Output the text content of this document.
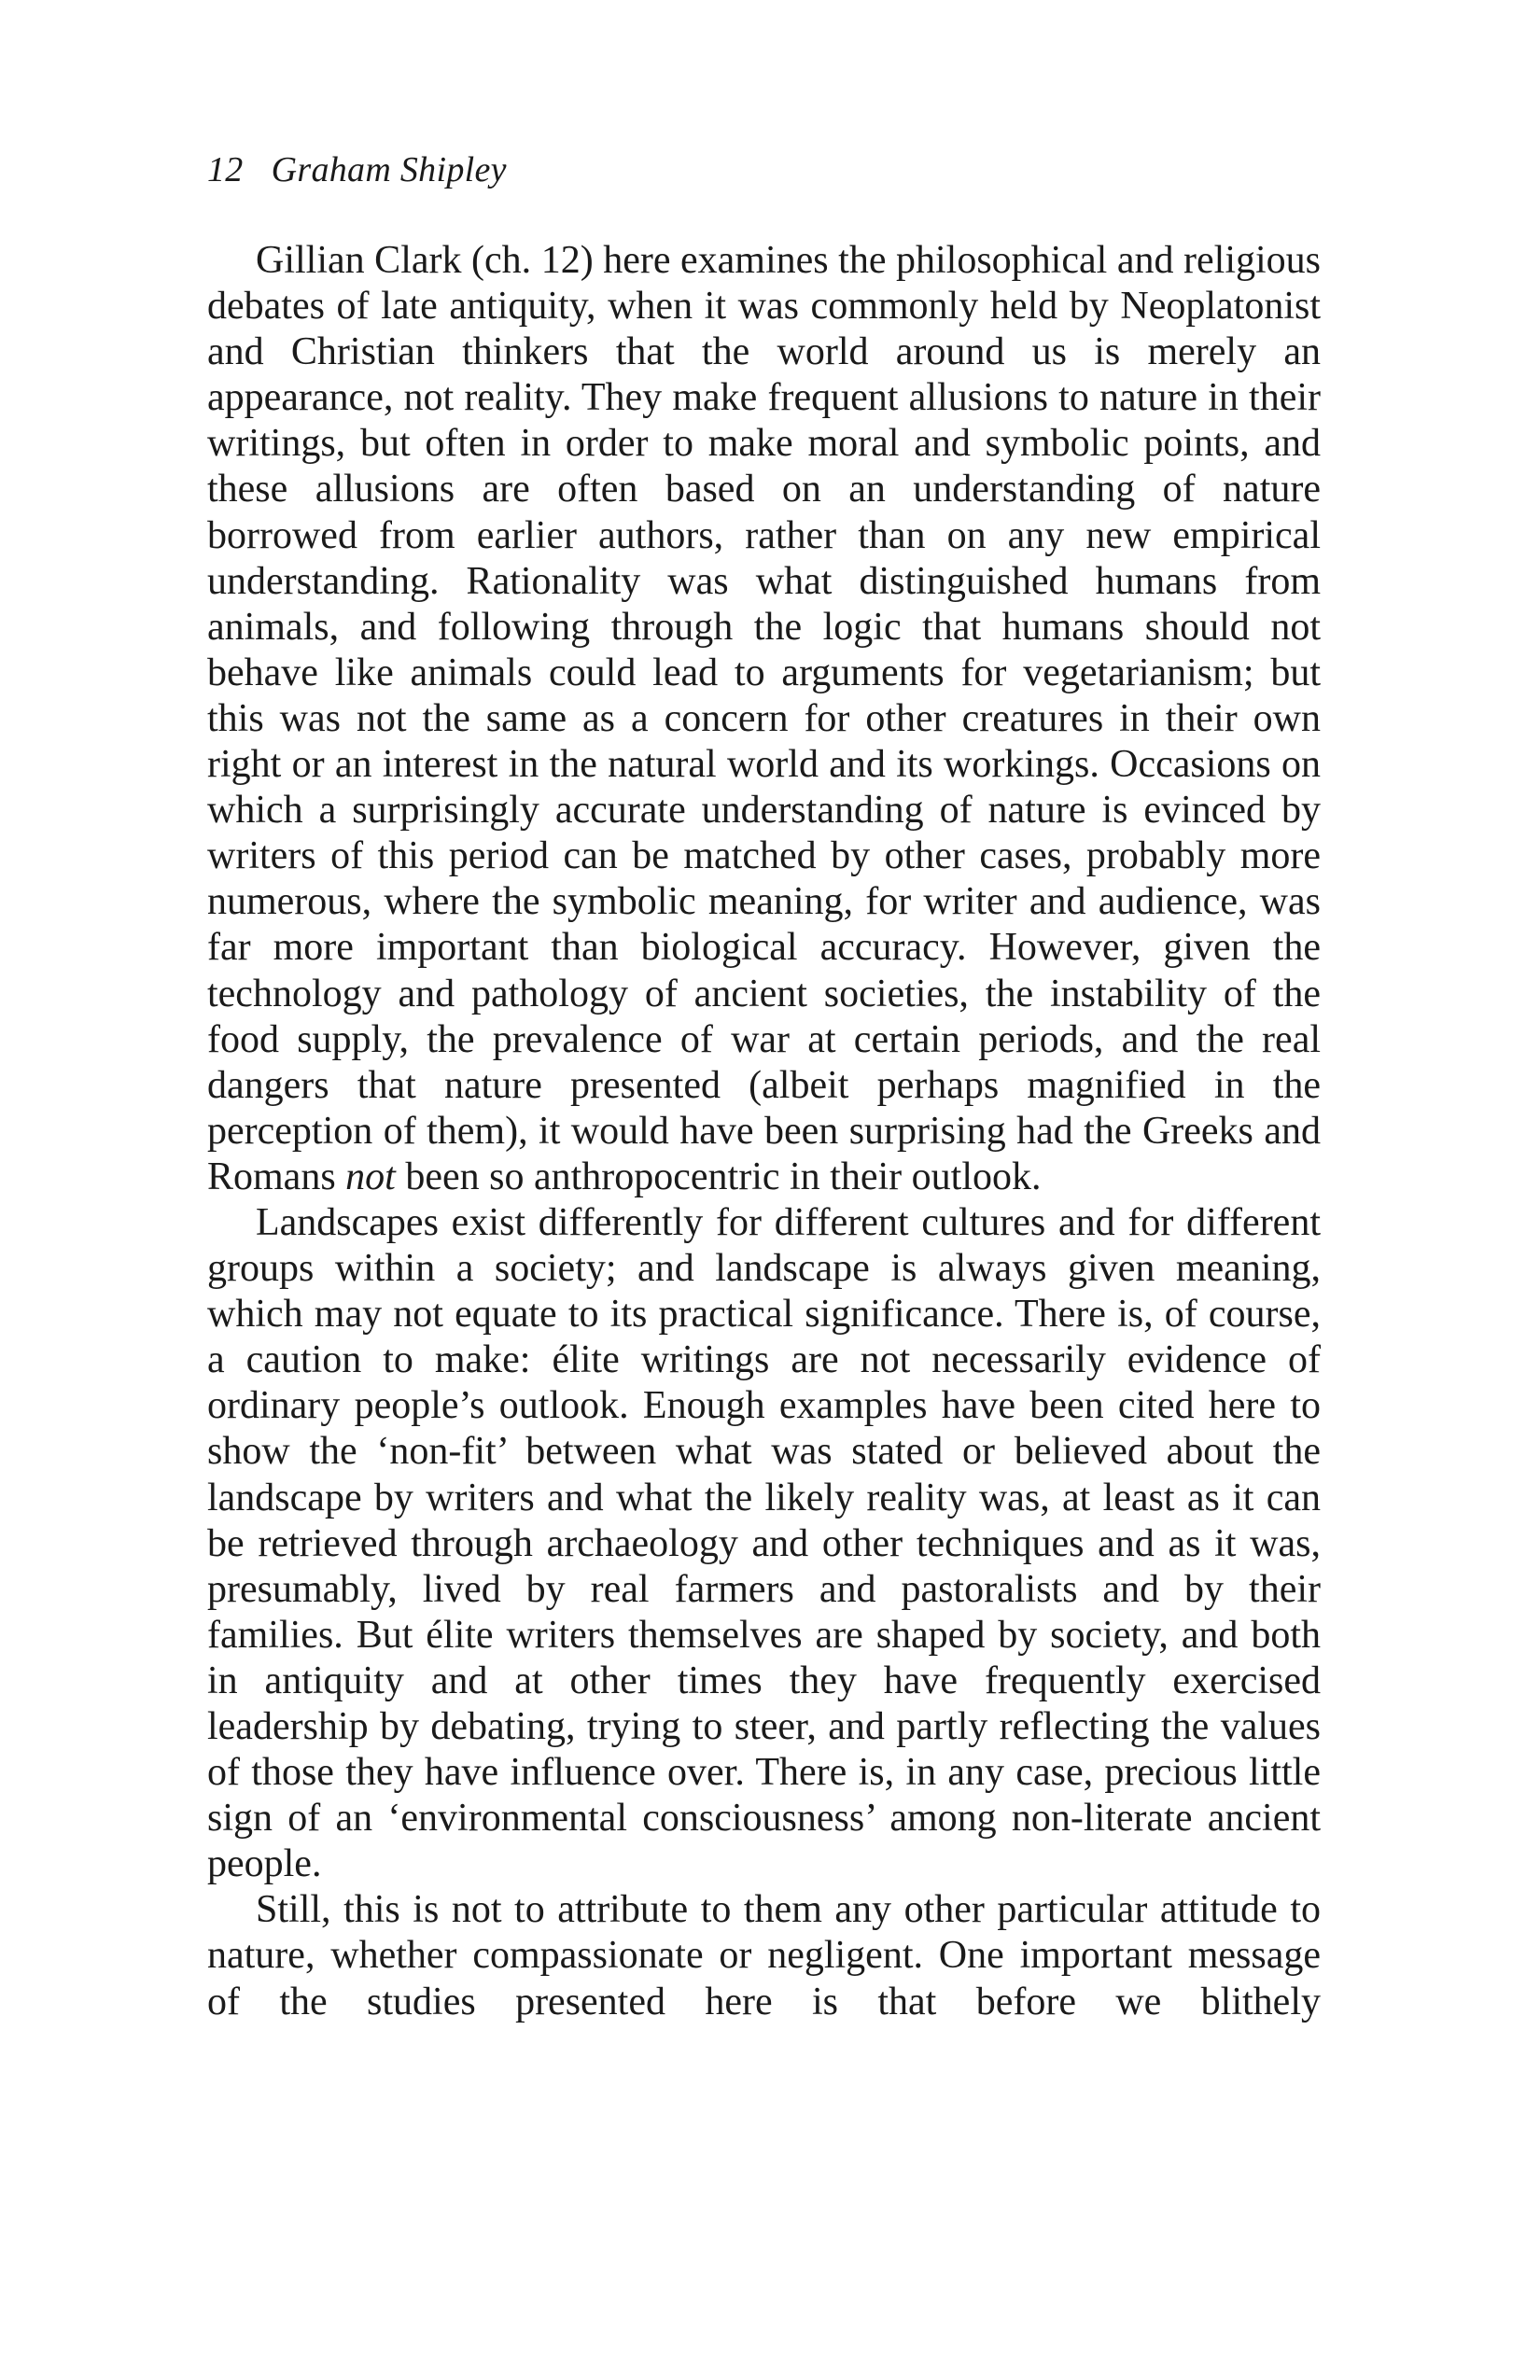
12 Graham Shipley

Gillian Clark (ch. 12) here examines the philosophical and religious debates of late antiquity, when it was commonly held by Neoplatonist and Christian thinkers that the world around us is merely an appearance, not reality. They make frequent allusions to nature in their writings, but often in order to make moral and symbolic points, and these allusions are often based on an understanding of nature borrowed from earlier authors, rather than on any new empirical understanding. Rationality was what distinguished humans from animals, and following through the logic that humans should not behave like animals could lead to arguments for vegetarianism; but this was not the same as a concern for other creatures in their own right or an interest in the natural world and its workings. Occasions on which a surprisingly accurate understanding of nature is evinced by writers of this period can be matched by other cases, probably more numerous, where the symbolic meaning, for writer and audience, was far more important than biological accuracy. However, given the technology and pathology of ancient societies, the instability of the food supply, the prevalence of war at certain periods, and the real dangers that nature presented (albeit perhaps magnified in the perception of them), it would have been surprising had the Greeks and Romans not been so anthropocentric in their outlook.

Landscapes exist differently for different cultures and for different groups within a society; and landscape is always given meaning, which may not equate to its practical significance. There is, of course, a caution to make: élite writings are not necessarily evidence of ordinary people’s outlook. Enough examples have been cited here to show the ‘non-fit’ between what was stated or believed about the landscape by writers and what the likely reality was, at least as it can be retrieved through archaeology and other techniques and as it was, presumably, lived by real farmers and pastoralists and by their families. But élite writers themselves are shaped by society, and both in antiquity and at other times they have frequently exercised leadership by debating, trying to steer, and partly reflecting the values of those they have influence over. There is, in any case, precious little sign of an ‘environmental consciousness’ among non-literate ancient people.

Still, this is not to attribute to them any other particular attitude to nature, whether compassionate or negligent. One important message of the studies presented here is that before we blithely
